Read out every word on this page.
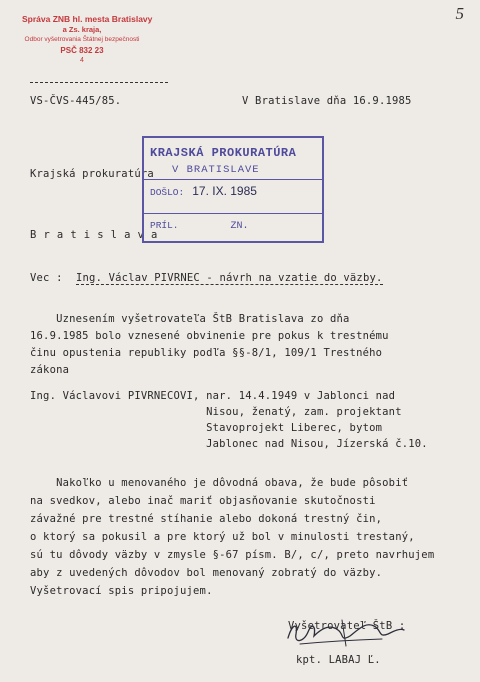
5
Správa ZNB hl. mesta Bratislavy
a Zs. kraja,
Odbor vyšetrovania Štátnej bezpečnosti
PSČ 832 23
4
VS-ČVS-445/85.	V Bratislave dňa 16.9.1985
Krajská prokuratúra
B r a t i s l a v a
KRAJSKÁ PROKURATÚRA
V BRATISLAVE
DOŠLO: 17. IX. 1985
PRÍL.	ZN.
Vec : Ing. Václav PIVRNEC - návrh na vzatie do väzby.
Uznesením vyšetrovateľa ŠtB Bratislava zo dňa
16.9.1985 bolo vznesené obvinenie pre pokus k trestnému
činu opustenia republiky podľa §§-8/1, 109/1 Trestného
zákona
Ing. Václavovi PIVRNECOVI, nar. 14.4.1949 v Jablonci nad
Nisou, ženatý, zam. projektant
Stavoprojekt Liberec, bytom
Jablonec nad Nisou, Jízerská č.10.
Nakoľko u menovaného je dôvodná obava, že bude pôsobiť
na svedkov, alebo inač mariť objasňovanie skutočnosti
závažné pre trestné stíhanie alebo dokoná trestný čin,
o ktorý sa pokusil a pre ktorý už bol v minulosti trestaný,
sú tu dôvody väzby v zmysle §-67 písm. B/, c/, preto navrhujem
aby z uvedených dôvodov bol menovaný zobratý do väzby.
Vyšetrovací spis pripojujem.
Vyšetrovateľ ŠtB :
kpt. LABAJ Ľ.
